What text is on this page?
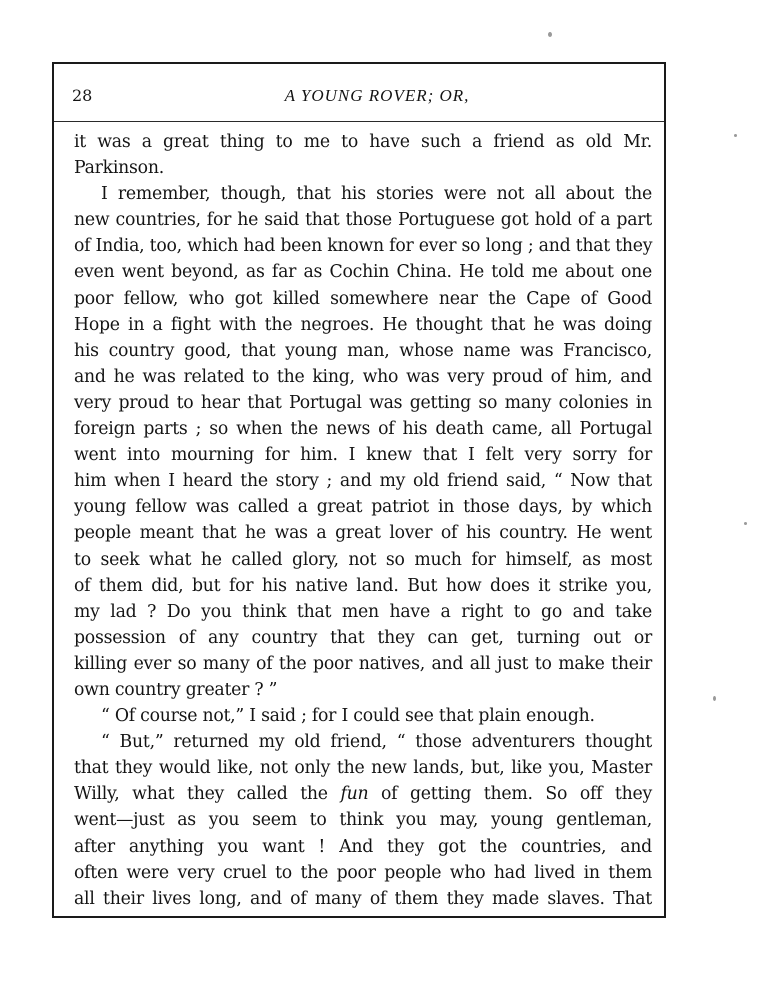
28	A YOUNG ROVER; OR,
it was a great thing to me to have such a friend as old Mr.
Parkinson.
I remember, though, that his stories were not all about the
new countries, for he said that those Portuguese got hold of a part
of India, too, which had been known for ever so long ; and that they
even went beyond, as far as Cochin China. He told me about one
poor fellow, who got killed somewhere near the Cape of Good
Hope in a fight with the negroes. He thought that he was doing
his country good, that young man, whose name was Francisco,
and he was related to the king, who was very proud of him, and
very proud to hear that Portugal was getting so many colonies in
foreign parts ; so when the news of his death came, all Portugal
went into mourning for him. I knew that I felt very sorry for
him when I heard the story ; and my old friend said, “ Now that
young fellow was called a great patriot in those days, by which
people meant that he was a great lover of his country. He went
to seek what he called glory, not so much for himself, as most
of them did, but for his native land. But how does it strike you,
my lad ? Do you think that men have a right to go and take
possession of any country that they can get, turning out or
killing ever so many of the poor natives, and all just to make their
own country greater ? ”
“ Of course not,” I said ; for I could see that plain enough.
“ But,” returned my old friend, “ those adventurers thought
that they would like, not only the new lands, but, like you, Master
Willy, what they called the fun of getting them. So off they
went—just as you seem to think you may, young gentleman,
after anything you want ! And they got the countries, and
often were very cruel to the poor people who had lived in them
all their lives long, and of many of them they made slaves. That
